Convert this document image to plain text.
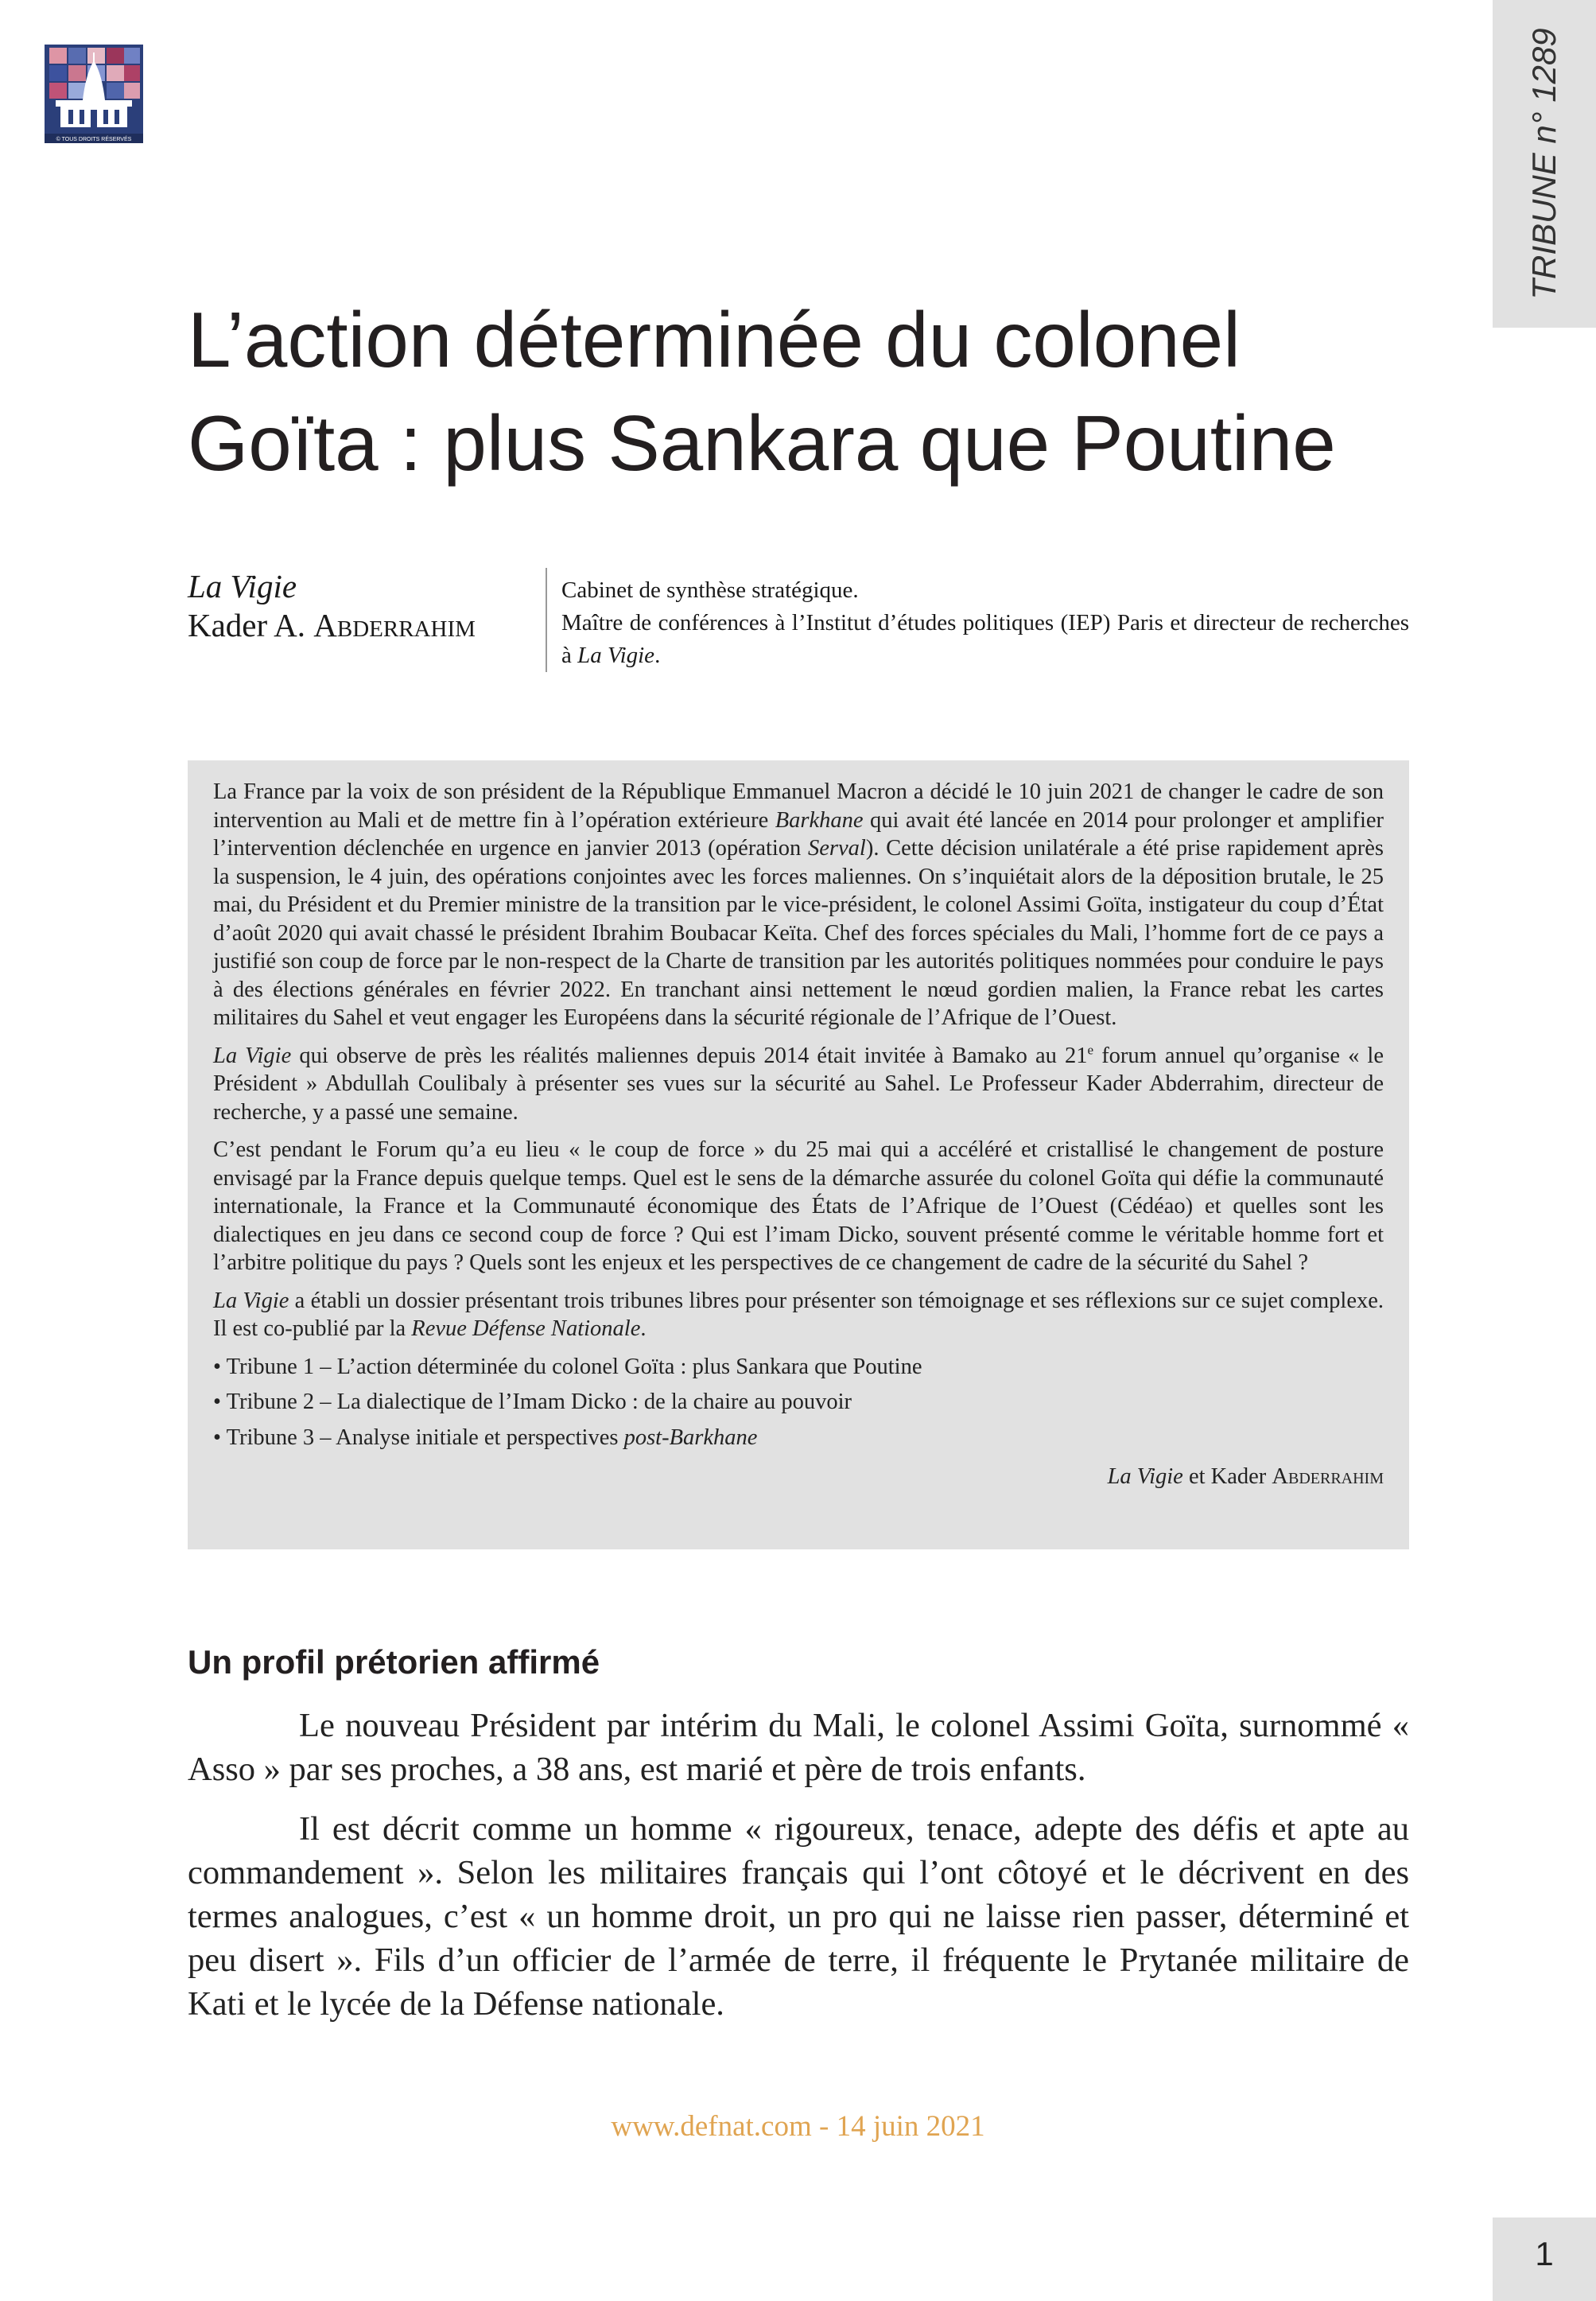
© TOUS DROITS RÉSERVÉS	TRIBUNE n° 1289
L’action déterminée du colonel
Goïta : plus Sankara que Poutine
La Vigie	Cabinet de synthèse stratégique.
Kader A. Abderrahim	Maître de conférences à l’Institut d’études politiques (IEP) Paris et directeur de recherches à La Vigie.

La France par la voix de son président de la République Emmanuel Macron a décidé le 10 juin 2021 de changer le cadre de son intervention au Mali et de mettre fin à l’opération extérieure Barkhane qui avait été lancée en 2014 pour prolonger et amplifier l’intervention déclenchée en urgence en janvier 2013 (opération Serval). Cette décision unilatérale a été prise rapidement après la suspension, le 4 juin, des opérations conjointes avec les forces maliennes. On s’inquiétait alors de la déposition brutale, le 25 mai, du Président et du Premier ministre de la transition par le vice-président, le colonel Assimi Goïta, instigateur du coup d’État d’août 2020 qui avait chassé le président Ibrahim Boubacar Keïta. Chef des forces spéciales du Mali, l’homme fort de ce pays a justifié son coup de force par le non-respect de la Charte de transition par les autorités politiques nommées pour conduire le pays à des élections générales en février 2022. En tranchant ainsi nettement le nœud gordien malien, la France rebat les cartes militaires du Sahel et veut engager les Européens dans la sécurité régionale de l’Afrique de l’Ouest.

La Vigie qui observe de près les réalités maliennes depuis 2014 était invitée à Bamako au 21e forum annuel qu’organise « le Président » Abdullah Coulibaly à présenter ses vues sur la sécurité au Sahel. Le Professeur Kader Abderrahim, directeur de recherche, y a passé une semaine.

C’est pendant le Forum qu’a eu lieu « le coup de force » du 25 mai qui a accéléré et cristallisé le changement de posture envisagé par la France depuis quelque temps. Quel est le sens de la démarche assurée du colonel Goïta qui défie la communauté internationale, la France et la Communauté économique des États de l’Afrique de l’Ouest (Cédéao) et quelles sont les dialectiques en jeu dans ce second coup de force ? Qui est l’imam Dicko, souvent présenté comme le véritable homme fort et l’arbitre politique du pays ? Quels sont les enjeux et les perspectives de ce changement de cadre de la sécurité du Sahel ?

La Vigie a établi un dossier présentant trois tribunes libres pour présenter son témoignage et ses réflexions sur ce sujet complexe. Il est co-publié par la Revue Défense Nationale.

• Tribune 1 – L’action déterminée du colonel Goïta : plus Sankara que Poutine
• Tribune 2 – La dialectique de l’Imam Dicko : de la chaire au pouvoir
• Tribune 3 – Analyse initiale et perspectives post-Barkhane
La Vigie et Kader Abderrahim
Un profil prétorien affirmé

Le nouveau Président par intérim du Mali, le colonel Assimi Goïta, surnommé « Asso » par ses proches, a 38 ans, est marié et père de trois enfants.

Il est décrit comme un homme « rigoureux, tenace, adepte des défis et apte au commandement ». Selon les militaires français qui l’ont côtoyé et le décrivent en des termes analogues, c’est « un homme droit, un pro qui ne laisse rien passer, déterminé et peu disert ». Fils d’un officier de l’armée de terre, il fréquente le Prytanée militaire de Kati et le lycée de la Défense nationale.

www.defnat.com - 14 juin 2021
1
